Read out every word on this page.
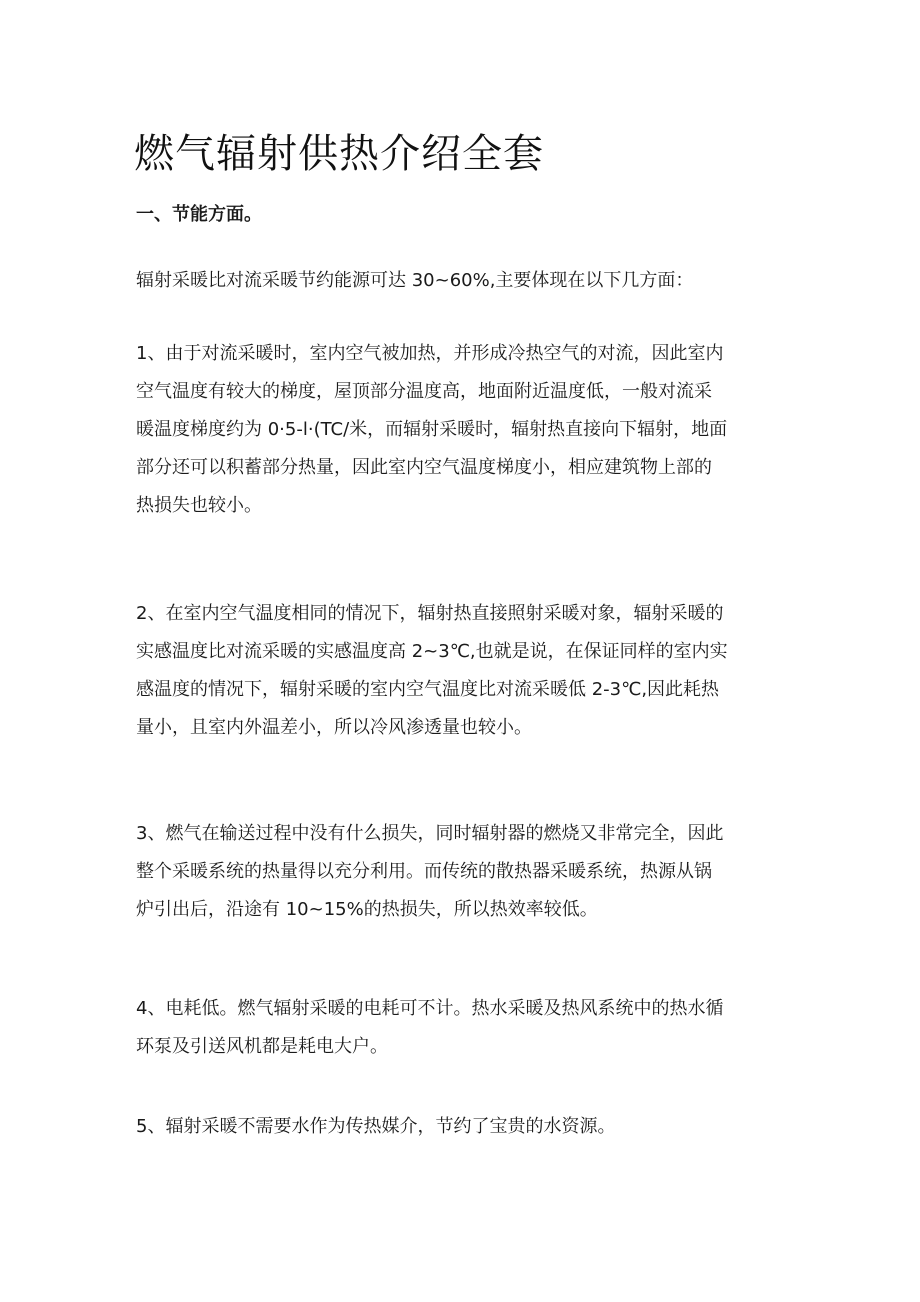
燃气辐射供热介绍全套
一、节能方面。

辐射采暖比对流采暖节约能源可达 30~60%,主要体现在以下几方面：

1、由于对流采暖时，室内空气被加热，并形成冷热空气的对流，因此室内
空气温度有较大的梯度，屋顶部分温度高，地面附近温度低，一般对流采
暖温度梯度约为 0·5-l·(TC/米，而辐射采暖时，辐射热直接向下辐射，地面
部分还可以积蓄部分热量，因此室内空气温度梯度小，相应建筑物上部的
热损失也较小。

2、在室内空气温度相同的情况下，辐射热直接照射采暖对象，辐射采暖的
实感温度比对流采暖的实感温度高 2~3℃,也就是说，在保证同样的室内实
感温度的情况下，辐射采暖的室内空气温度比对流采暖低 2-3℃,因此耗热
量小，且室内外温差小，所以冷风渗透量也较小。

3、燃气在输送过程中没有什么损失，同时辐射器的燃烧又非常完全，因此
整个采暖系统的热量得以充分利用。而传统的散热器采暖系统，热源从锅
炉引出后，沿途有 10~15%的热损失，所以热效率较低。

4、电耗低。燃气辐射采暖的电耗可不计。热水采暖及热风系统中的热水循
环泵及引送风机都是耗电大户。

5、辐射采暖不需要水作为传热媒介，节约了宝贵的水资源。
